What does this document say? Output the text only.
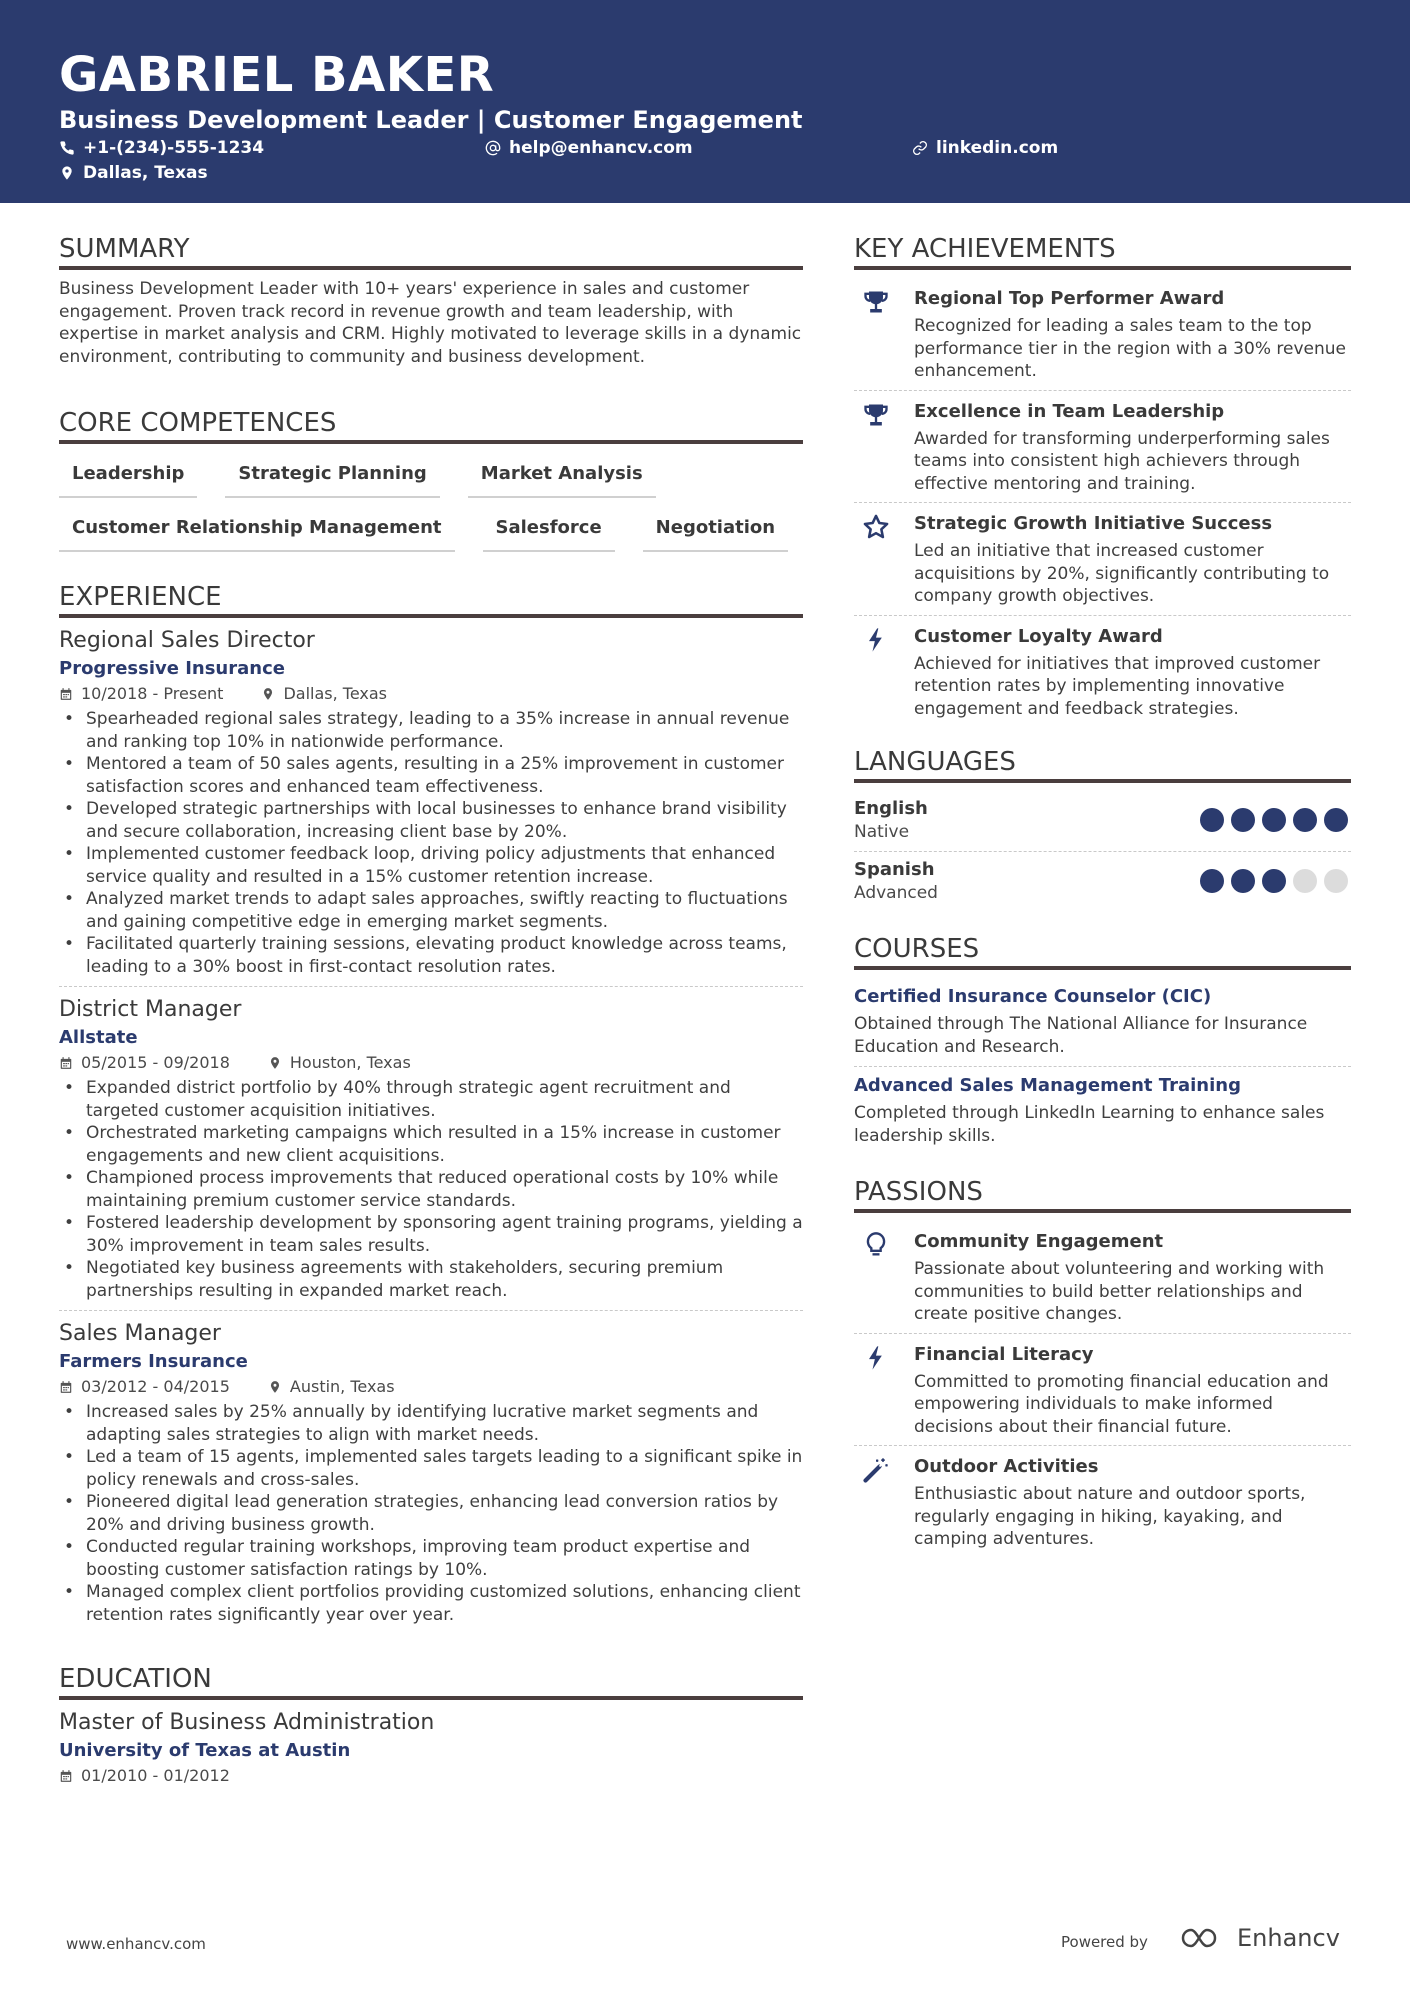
GABRIEL BAKER
Business Development Leader | Customer Engagement
+1-(234)-555-1234	help@enhancv.com	linkedin.com
Dallas, Texas
SUMMARY
Business Development Leader with 10+ years' experience in sales and customer engagement. Proven track record in revenue growth and team leadership, with expertise in market analysis and CRM. Highly motivated to leverage skills in a dynamic environment, contributing to community and business development.
CORE COMPETENCES
Leadership	Strategic Planning	Market Analysis
Customer Relationship Management	Salesforce	Negotiation
EXPERIENCE
Regional Sales Director
Progressive Insurance
10/2018 - Present	Dallas, Texas
• Spearheaded regional sales strategy, leading to a 35% increase in annual revenue and ranking top 10% in nationwide performance.
• Mentored a team of 50 sales agents, resulting in a 25% improvement in customer satisfaction scores and enhanced team effectiveness.
• Developed strategic partnerships with local businesses to enhance brand visibility and secure collaboration, increasing client base by 20%.
• Implemented customer feedback loop, driving policy adjustments that enhanced service quality and resulted in a 15% customer retention increase.
• Analyzed market trends to adapt sales approaches, swiftly reacting to fluctuations and gaining competitive edge in emerging market segments.
• Facilitated quarterly training sessions, elevating product knowledge across teams, leading to a 30% boost in first-contact resolution rates.
District Manager
Allstate
05/2015 - 09/2018	Houston, Texas
• Expanded district portfolio by 40% through strategic agent recruitment and targeted customer acquisition initiatives.
• Orchestrated marketing campaigns which resulted in a 15% increase in customer engagements and new client acquisitions.
• Championed process improvements that reduced operational costs by 10% while maintaining premium customer service standards.
• Fostered leadership development by sponsoring agent training programs, yielding a 30% improvement in team sales results.
• Negotiated key business agreements with stakeholders, securing premium partnerships resulting in expanded market reach.
Sales Manager
Farmers Insurance
03/2012 - 04/2015	Austin, Texas
• Increased sales by 25% annually by identifying lucrative market segments and adapting sales strategies to align with market needs.
• Led a team of 15 agents, implemented sales targets leading to a significant spike in policy renewals and cross-sales.
• Pioneered digital lead generation strategies, enhancing lead conversion ratios by 20% and driving business growth.
• Conducted regular training workshops, improving team product expertise and boosting customer satisfaction ratings by 10%.
• Managed complex client portfolios providing customized solutions, enhancing client retention rates significantly year over year.
EDUCATION
Master of Business Administration
University of Texas at Austin
01/2010 - 01/2012
KEY ACHIEVEMENTS
Regional Top Performer Award
Recognized for leading a sales team to the top performance tier in the region with a 30% revenue enhancement.
Excellence in Team Leadership
Awarded for transforming underperforming sales teams into consistent high achievers through effective mentoring and training.
Strategic Growth Initiative Success
Led an initiative that increased customer acquisitions by 20%, significantly contributing to company growth objectives.
Customer Loyalty Award
Achieved for initiatives that improved customer retention rates by implementing innovative engagement and feedback strategies.
LANGUAGES
English
Native
Spanish
Advanced
COURSES
Certified Insurance Counselor (CIC)
Obtained through The National Alliance for Insurance Education and Research.
Advanced Sales Management Training
Completed through LinkedIn Learning to enhance sales leadership skills.
PASSIONS
Community Engagement
Passionate about volunteering and working with communities to build better relationships and create positive changes.
Financial Literacy
Committed to promoting financial education and empowering individuals to make informed decisions about their financial future.
Outdoor Activities
Enthusiastic about nature and outdoor sports, regularly engaging in hiking, kayaking, and camping adventures.
www.enhancv.com	Powered by	Enhancv
